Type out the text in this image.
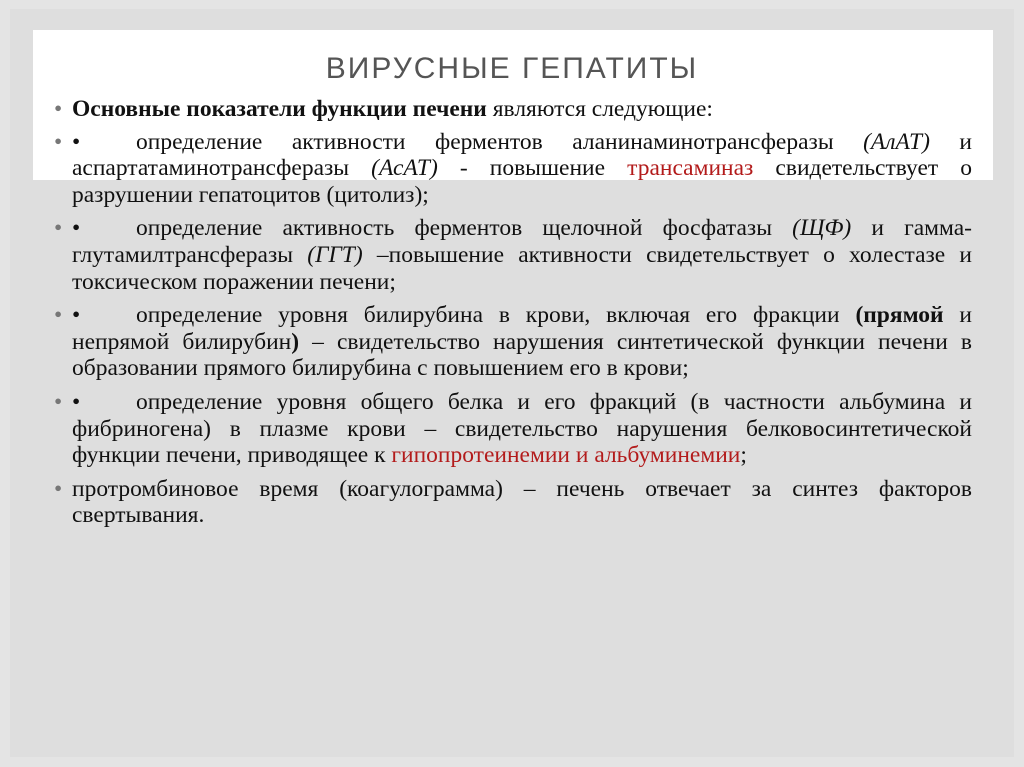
ВИРУСНЫЕ ГЕПАТИТЫ
• Основные показатели функции печени являются следующие:
• • определение активности ферментов аланинаминотрансферазы (АлАТ) и аспартатаминотрансферазы (АсАТ) - повышение трансаминаз свидетельствует о разрушении гепатоцитов (цитолиз);
• • определение активность ферментов щелочной фосфатазы (ЩФ) и гамма-глутамилтрансферазы (ГГТ) –повышение активности свидетельствует о холестазе и токсическом поражении печени;
• • определение уровня билирубина в крови, включая его фракции (прямой и непрямой билирубин) – свидетельство нарушения синтетической функции печени в образовании прямого билирубина с повышением его в крови;
• • определение уровня общего белка и его фракций (в частности альбумина и фибриногена) в плазме крови – свидетельство нарушения белковосинтетической функции печени, приводящее к гипопротеинемии и альбуминемии;
• протромбиновое время (коагулограмма) – печень отвечает за синтез факторов свертывания.
